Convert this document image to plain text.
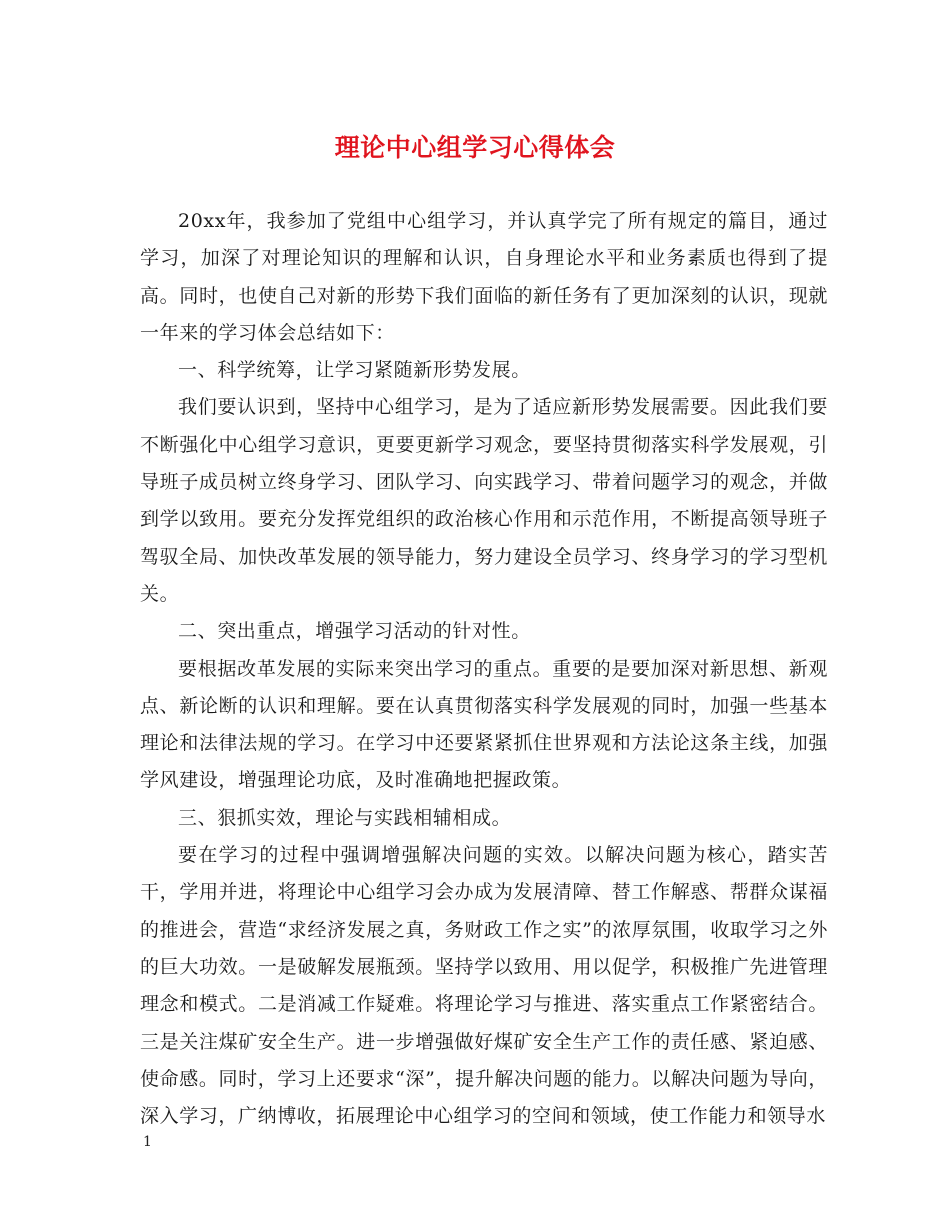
理论中心组学习心得体会

20xx年，我参加了党组中心组学习，并认真学完了所有规定的篇目，通过学习，加深了对理论知识的理解和认识，自身理论水平和业务素质也得到了提高。同时，也使自己对新的形势下我们面临的新任务有了更加深刻的认识，现就一年来的学习体会总结如下：

一、科学统筹，让学习紧随新形势发展。

我们要认识到，坚持中心组学习，是为了适应新形势发展需要。因此我们要不断强化中心组学习意识，更要更新学习观念，要坚持贯彻落实科学发展观，引导班子成员树立终身学习、团队学习、向实践学习、带着问题学习的观念，并做到学以致用。要充分发挥党组织的政治核心作用和示范作用，不断提高领导班子驾驭全局、加快改革发展的领导能力，努力建设全员学习、终身学习的学习型机关。

二、突出重点，增强学习活动的针对性。

要根据改革发展的实际来突出学习的重点。重要的是要加深对新思想、新观点、新论断的认识和理解。要在认真贯彻落实科学发展观的同时，加强一些基本理论和法律法规的学习。在学习中还要紧紧抓住世界观和方法论这条主线，加强学风建设，增强理论功底，及时准确地把握政策。

三、狠抓实效，理论与实践相辅相成。

要在学习的过程中强调增强解决问题的实效。以解决问题为核心，踏实苦干，学用并进，将理论中心组学习会办成为发展清障、替工作解惑、帮群众谋福的推进会，营造“求经济发展之真，务财政工作之实”的浓厚氛围，收取学习之外的巨大功效。一是破解发展瓶颈。坚持学以致用、用以促学，积极推广先进管理理念和模式。二是消减工作疑难。将理论学习与推进、落实重点工作紧密结合。三是关注煤矿安全生产。进一步增强做好煤矿安全生产工作的责任感、紧迫感、使命感。同时，学习上还要求“深”，提升解决问题的能力。以解决问题为导向，深入学习，广纳博收，拓展理论中心组学习的空间和领域，使工作能力和领导水

1
